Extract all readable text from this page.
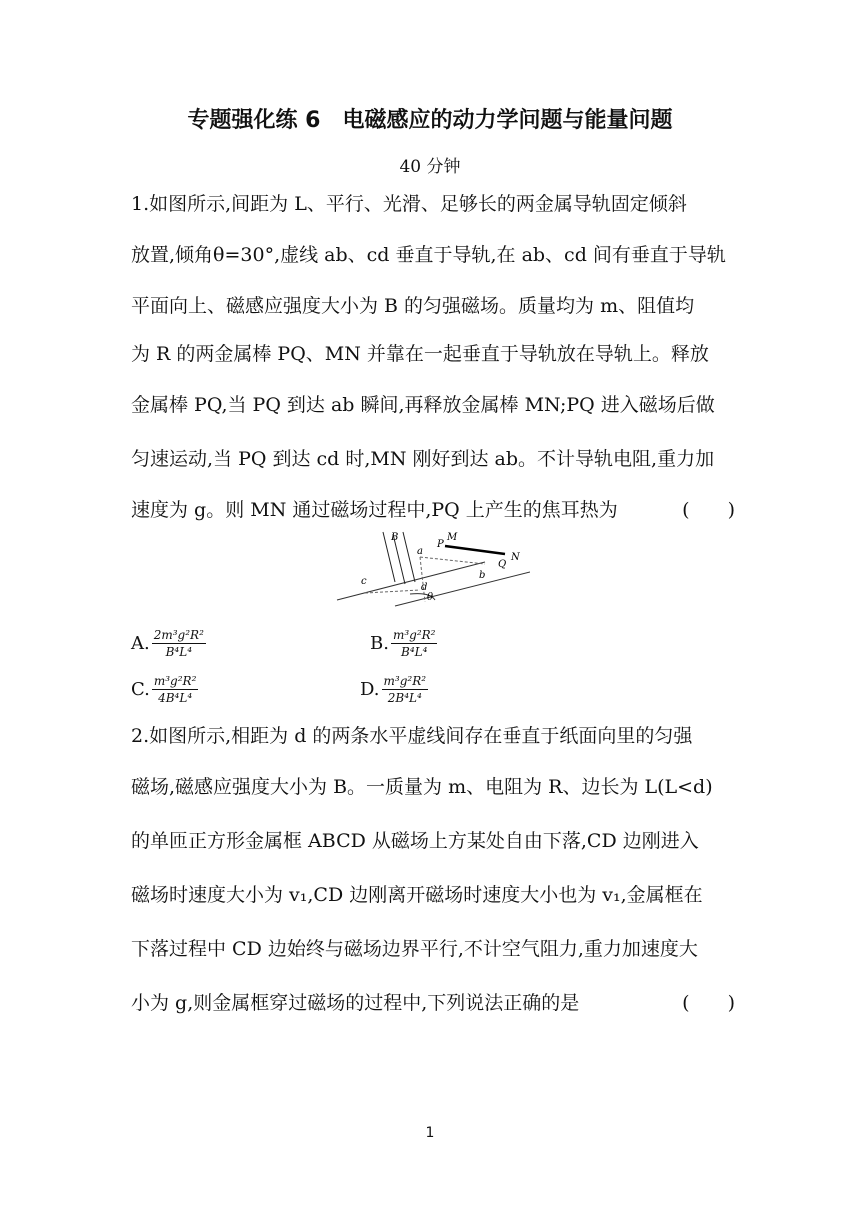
专题强化练 6　电磁感应的动力学问题与能量问题
40 分钟
1.如图所示,间距为 L、平行、光滑、足够长的两金属导轨固定倾斜
放置,倾角θ=30°,虚线 ab、cd 垂直于导轨,在 ab、cd 间有垂直于导轨
平面向上、磁感应强度大小为 B 的匀强磁场。质量均为 m、阻值均
为 R 的两金属棒 PQ、MN 并靠在一起垂直于导轨放在导轨上。释放
金属棒 PQ,当 PQ 到达 ab 瞬间,再释放金属棒 MN;PQ 进入磁场后做
匀速运动,当 PQ 到达 cd 时,MN 刚好到达 ab。不计导轨电阻,重力加
速度为 g。则 MN 通过磁场过程中,PQ 上产生的焦耳热为	(　　)
B
a
P
M
Q
N
b
c
d
θ
A. $\frac{\text{2m³g²R²}}{\text{B⁴L⁴}}$	B. $\frac{\text{m³g²R²}}{\text{B⁴L⁴}}$
C. $\frac{\text{m³g²R²}}{\text{4B⁴L⁴}}$	D. $\frac{\text{m³g²R²}}{\text{2B⁴L⁴}}$
2.如图所示,相距为 d 的两条水平虚线间存在垂直于纸面向里的匀强
磁场,磁感应强度大小为 B。一质量为 m、电阻为 R、边长为 L(L<d)
的单匝正方形金属框 ABCD 从磁场上方某处自由下落,CD 边刚进入
磁场时速度大小为 v₁,CD 边刚离开磁场时速度大小也为 v₁,金属框在
下落过程中 CD 边始终与磁场边界平行,不计空气阻力,重力加速度大
小为 g,则金属框穿过磁场的过程中,下列说法正确的是	(　　)
1
